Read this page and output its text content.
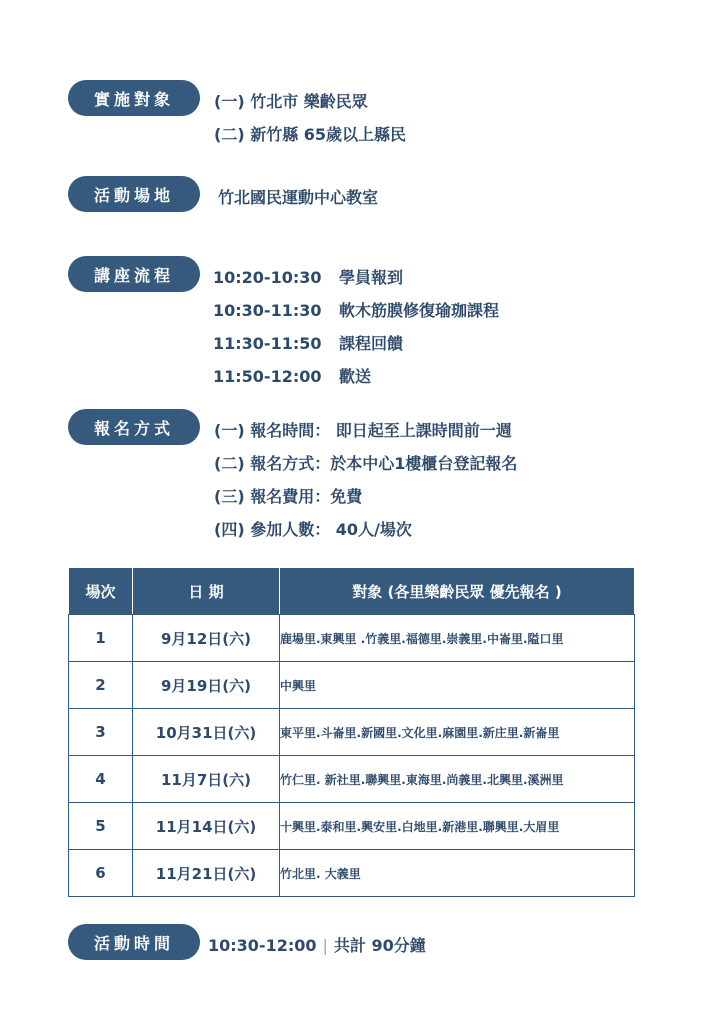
實施對象	(一) 竹北市 樂齡民眾
(二) 新竹縣 65歲以上縣民
活動場地	竹北國民運動中心教室
講座流程	10:20-10:30 學員報到
10:30-11:30 軟木筋膜修復瑜珈課程
11:30-11:50 課程回饋
11:50-12:00 歡送
報名方式	(一) 報名時間： 即日起至上課時間前一週
(二) 報名方式：於本中心1樓櫃台登記報名
(三) 報名費用：免費
(四) 參加人數： 40人/場次
場次	日 期	對象 (各里樂齡民眾 優先報名 )
1	9月12日(六)	鹿場里.東興里 .竹義里.福德里.崇義里.中崙里.隘口里
2	9月19日(六)	中興里
3	10月31日(六)	東平里.斗崙里.新國里.文化里.麻園里.新庄里.新崙里
4	11月7日(六)	竹仁里. 新社里.聯興里.東海里.尚義里.北興里.溪洲里
5	11月14日(六)	十興里.泰和里.興安里.白地里.新港里.聯興里.大眉里
6	11月21日(六)	竹北里. 大義里
活動時間	10:30-12:00 | 共計 90分鐘
